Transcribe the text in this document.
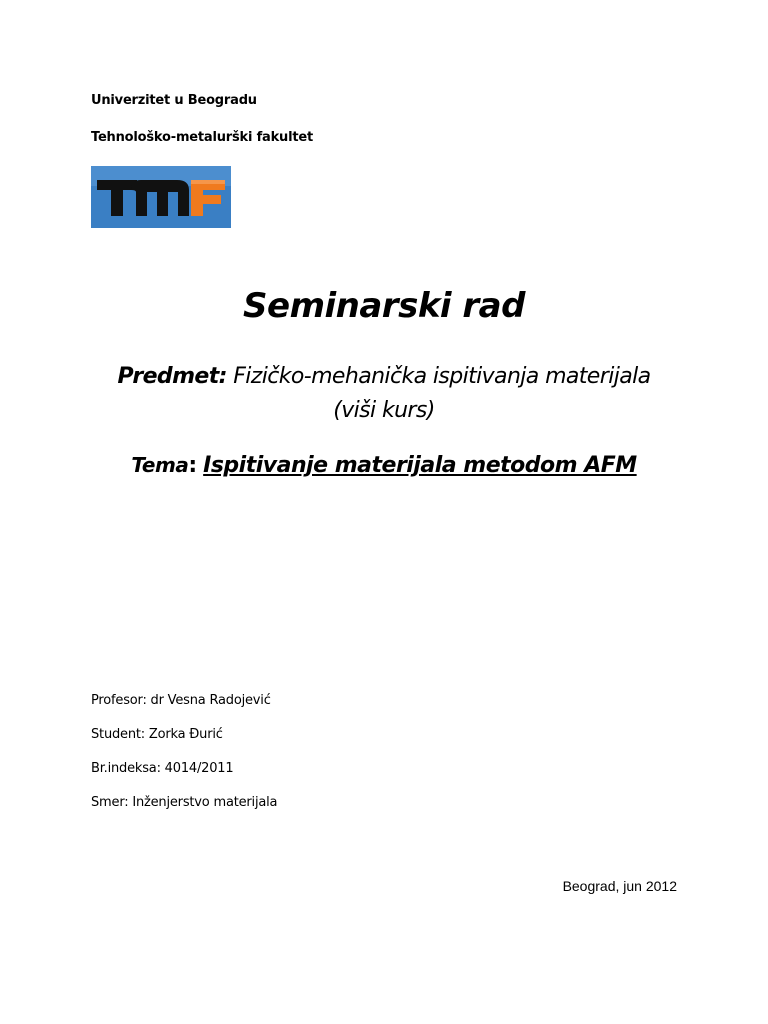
Univerzitet u Beogradu
Tehnološko-metalurški fakultet
Seminarski rad
Predmet: Fizičko-mehanička ispitivanja materijala
(viši kurs)
Tema: Ispitivanje materijala metodom AFM
Profesor: dr Vesna Radojević
Student: Zorka Đurić
Br.indeksa: 4014/2011
Smer: Inženjerstvo materijala
Beograd, jun 2012
